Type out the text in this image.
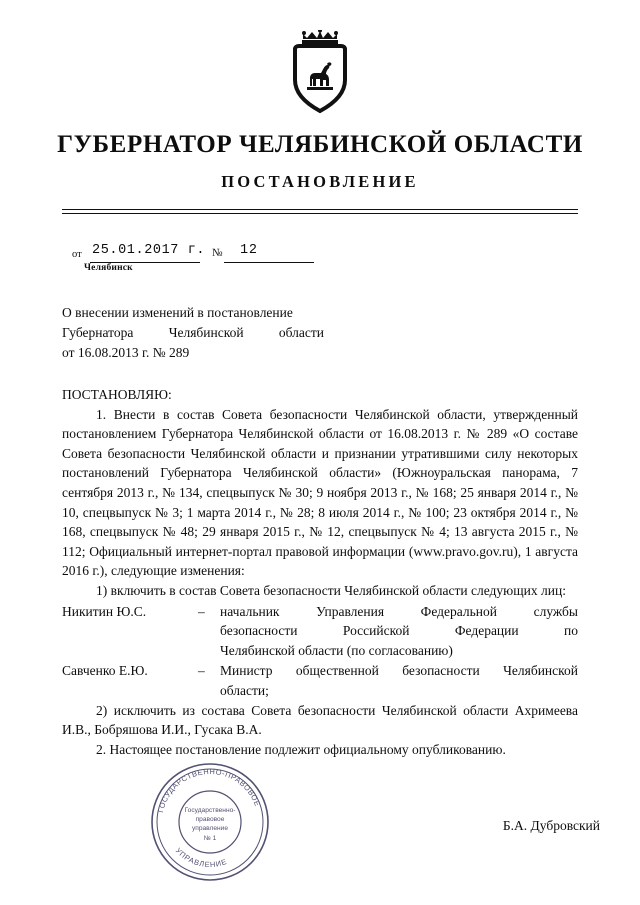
ГУБЕРНАТОР ЧЕЛЯБИНСКОЙ ОБЛАСТИ
ПОСТАНОВЛЕНИЕ
от 25.01.2017 г. № 12
Челябинск
О внесении изменений в постановление
Губернатора Челябинской области
от 16.08.2013 г. № 289

ПОСТАНОВЛЯЮ:

1. Внести в состав Совета безопасности Челябинской области, утвержденный постановлением Губернатора Челябинской области от 16.08.2013 г. № 289 «О составе Совета безопасности Челябинской области и признании утратившими силу некоторых постановлений Губернатора Челябинской области» (Южноуральская панорама, 7 сентября 2013 г., № 134, спецвыпуск № 30; 9 ноября 2013 г., № 168; 25 января 2014 г., № 10, спецвыпуск № 3; 1 марта 2014 г., № 28; 8 июля 2014 г., № 100; 23 октября 2014 г., № 168, спецвыпуск № 48; 29 января 2015 г., № 12, спецвыпуск № 4; 13 августа 2015 г., № 112; Официальный интернет-портал правовой информации (www.pravo.gov.ru), 1 августа 2016 г.), следующие изменения:

1) включить в состав Совета безопасности Челябинской области следующих лиц:

Никитин Ю.С.	–	начальник Управления Федеральной службы
безопасности Российской Федерации по
Челябинской области (по согласованию)
Савченко Е.Ю.	–	Министр общественной безопасности Челябинской
области;

2) исключить из состава Совета безопасности Челябинской области Ахримеева И.В., Бобряшова И.И., Гусака В.А.

2. Настоящее постановление подлежит официальному опубликованию.

ГОСУДАРСТВЕННО-ПРАВОВОЕ
УПРАВЛЕНИЕ
Государственно-
правовое
управление
№ 1
Б.А. Дубровский
